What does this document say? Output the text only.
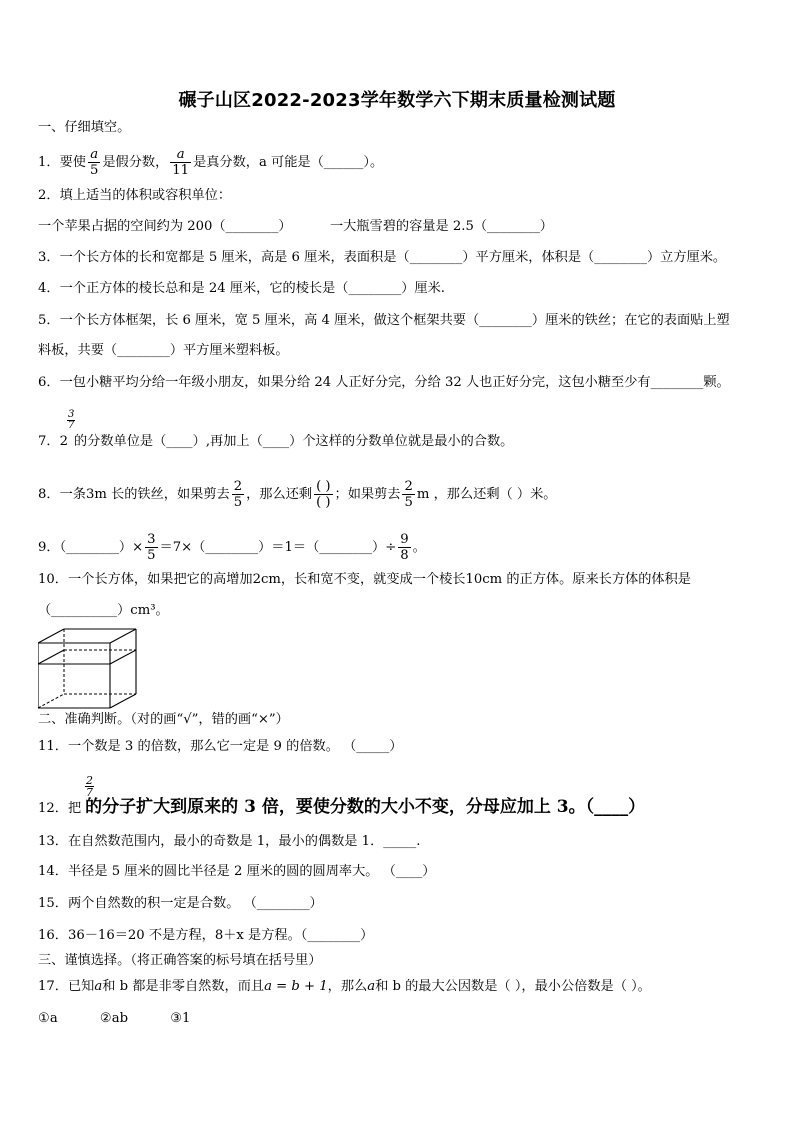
碾子山区2022-2023学年数学六下期末质量检测试题
一、仔细填空。
1．要使 $\frac{a}{5}$ 是假分数， $\frac{a}{11}$ 是真分数，a 可能是（______）。
2．填上适当的体积或容积单位：
一个苹果占据的空间约为 200（________）	一大瓶雪碧的容量是 2.5（________）
3．一个长方体的长和宽都是 5 厘米，高是 6 厘米，表面积是（________）平方厘米，体积是（________）立方厘米。
4．一个正方体的棱长总和是 24 厘米，它的棱长是（________）厘米.
5．一个长方体框架，长 6 厘米，宽 5 厘米，高 4 厘米，做这个框架共要（________）厘米的铁丝；在它的表面贴上塑
料板，共要（________）平方厘米塑料板。
6．一包小糖平均分给一年级小朋友，如果分给 24 人正好分完，分给 32 人也正好分完，这包小糖至少有________颗。
7．2
$\frac{3}{7}$
的分数单位是（____）,再加上（____）个这样的分数单位就是最小的合数。
8．一条3m 长的铁丝，如果剪去 $\frac{2}{5}$ ，那么还剩 $\frac{( )}{( )}$ ；如果剪去 $\frac{2}{5}$ m ，那么还剩（ ）米。
9．（________）× $\frac{3}{5}$ ＝7×（________）＝1＝（________）÷ $\frac{9}{8}$ 。
10．一个长方体，如果把它的高增加2cm，长和宽不变，就变成一个棱长10cm 的正方体。原来长方体的体积是
（__________）cm³。
二、准确判断。（对的画“√”，错的画“×”）
11．一个数是 3 的倍数，那么它一定是 9 的倍数。 （_____）
12．把
$\frac{2}{7}$
的分子扩大到原来的 3 倍，要使分数的大小不变，分母应加上 3。（____）
13．在自然数范围内，最小的奇数是 1，最小的偶数是 1．_____.
14．半径是 5 厘米的圆比半径是 2 厘米的圆的圆周率大。 （____）
15．两个自然数的积一定是合数。 （________）
16．36－16＝20 不是方程，8＋x 是方程。（________）
三、谨慎选择。（将正确答案的标号填在括号里）
17．已知a和 b 都是非零自然数，而且a = b + 1，那么a和 b 的最大公因数是（ ），最小公倍数是（ ）。
①a	②ab	③1
